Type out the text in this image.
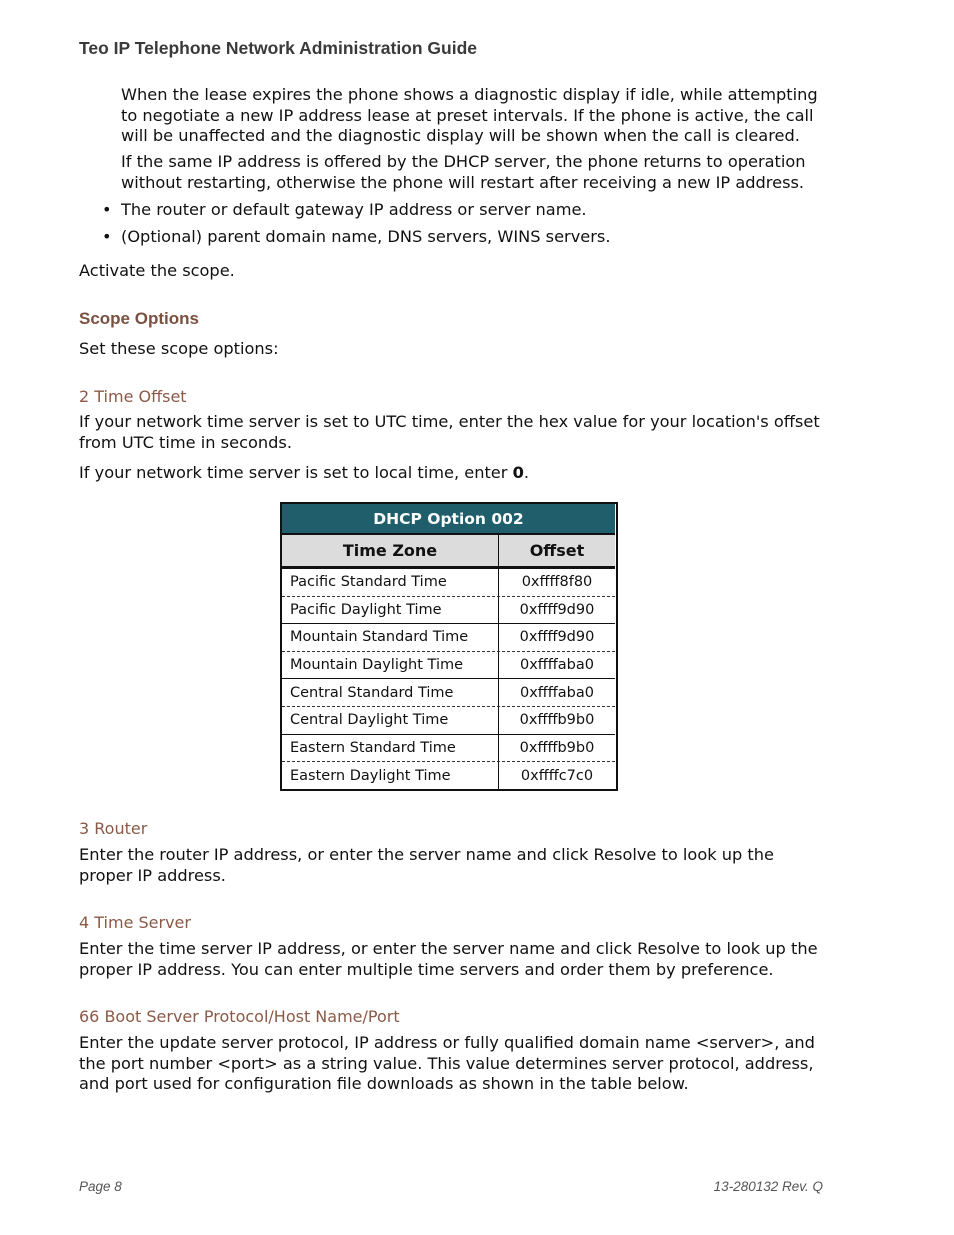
Teo IP Telephone Network Administration Guide
When the lease expires the phone shows a diagnostic display if idle, while attempting
to negotiate a new IP address lease at preset intervals. If the phone is active, the call
will be unaffected and the diagnostic display will be shown when the call is cleared.
If the same IP address is offered by the DHCP server, the phone returns to operation
without restarting, otherwise the phone will restart after receiving a new IP address.
• The router or default gateway IP address or server name.
• (Optional) parent domain name, DNS servers, WINS servers.
Activate the scope.
Scope Options
Set these scope options:
2 Time Offset
If your network time server is set to UTC time, enter the hex value for your location's offset
from UTC time in seconds.
If your network time server is set to local time, enter 0.
DHCP Option 002
Time Zone	Offset
Pacific Standard Time	0xffff8f80
Pacific Daylight Time	0xffff9d90
Mountain Standard Time	0xffff9d90
Mountain Daylight Time	0xffffaba0
Central Standard Time	0xffffaba0
Central Daylight Time	0xffffb9b0
Eastern Standard Time	0xffffb9b0
Eastern Daylight Time	0xffffc7c0
3 Router
Enter the router IP address, or enter the server name and click Resolve to look up the
proper IP address.
4 Time Server
Enter the time server IP address, or enter the server name and click Resolve to look up the
proper IP address. You can enter multiple time servers and order them by preference.
66 Boot Server Protocol/Host Name/Port
Enter the update server protocol, IP address or fully qualified domain name <server>, and
the port number <port> as a string value. This value determines server protocol, address,
and port used for configuration file downloads as shown in the table below.
Page 8	13-280132 Rev. Q
